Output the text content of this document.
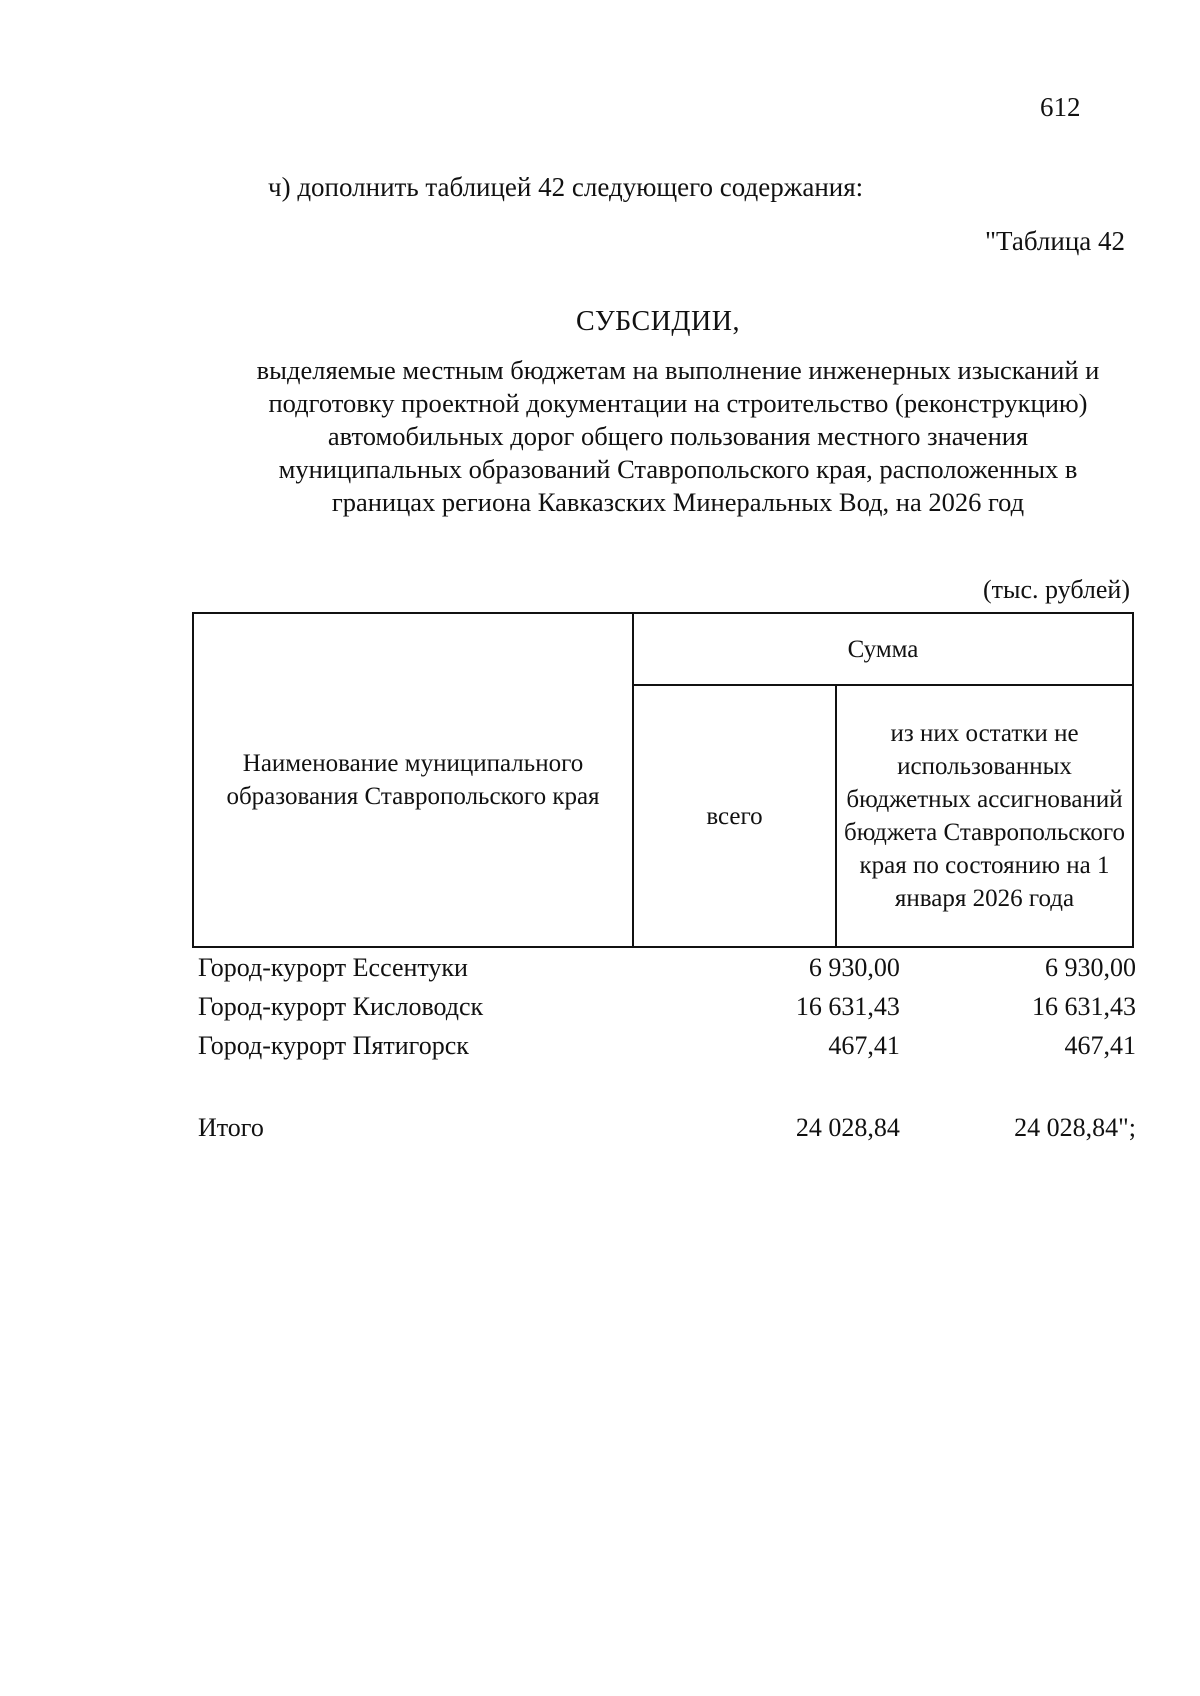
612
ч) дополнить таблицей 42 следующего содержания:
"Таблица 42
СУБСИДИИ,
выделяемые местным бюджетам на выполнение инженерных изысканий и
подготовку проектной документации на строительство (реконструкцию)
автомобильных дорог общего пользования местного значения
муниципальных образований Ставропольского края, расположенных в
границах региона Кавказских Минеральных Вод, на 2026 год
(тыс. рублей)
Наименование муниципального образования Ставропольского края	Сумма	
	всего	из них остатки не использованных бюджетных ассигнований бюджета Ставропольского края по состоянию на 1 января 2026 года
Город-курорт Ессентуки	6 930,00	6 930,00
Город-курорт Кисловодск	16 631,43	16 631,43
Город-курорт Пятигорск	467,41	467,41
Итого	24 028,84	24 028,84";
